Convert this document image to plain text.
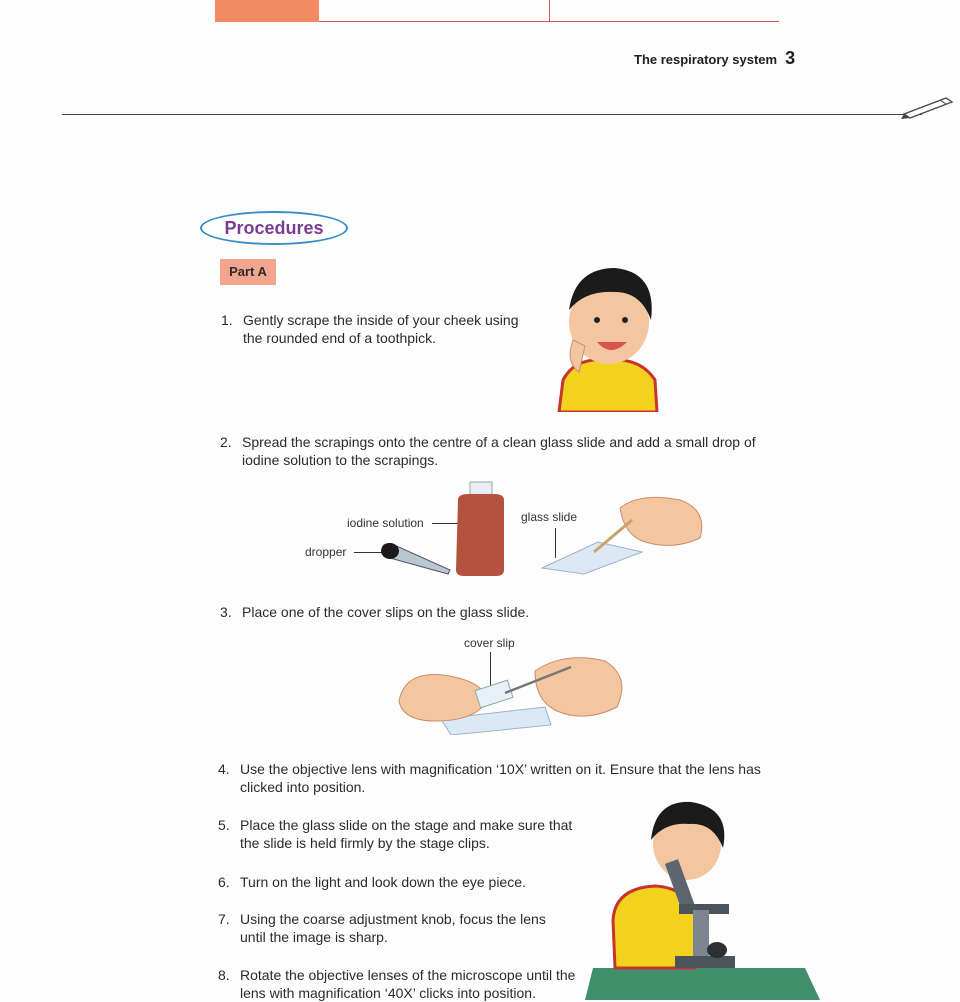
The respiratory system 3
Procedures
Part A
1. Gently scrape the inside of your cheek using the rounded end of a toothpick.
2. Spread the scrapings onto the centre of a clean glass slide and add a small drop of iodine solution to the scrapings.
iodine solution
dropper
glass slide
3. Place one of the cover slips on the glass slide.
cover slip
4. Use the objective lens with magnification ‘10X’ written on it. Ensure that the lens has clicked into position.
5. Place the glass slide on the stage and make sure that the slide is held firmly by the stage clips.
6. Turn on the light and look down the eye piece.
7. Using the coarse adjustment knob, focus the lens until the image is sharp.
8. Rotate the objective lenses of the microscope until the lens with magnification ‘40X’ clicks into position.
